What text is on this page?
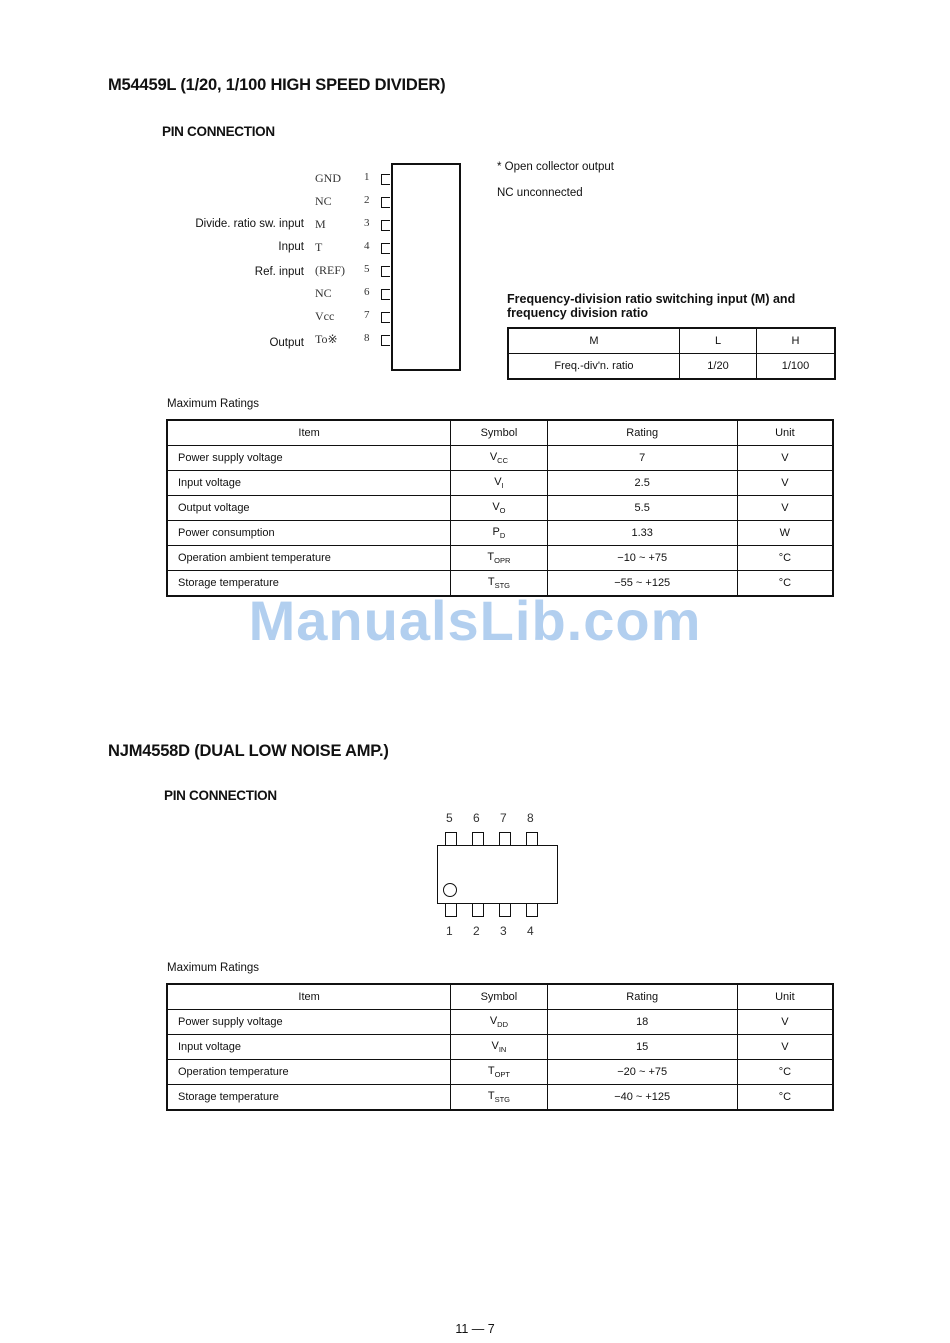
M54459L (1/20, 1/100 HIGH SPEED DIVIDER)
PIN CONNECTION
GND 1
NC	2
Divide. ratio sw. input M	3
Input T	4
Ref. input (REF) 5
NC	6
Vcc	7
Output To※ 8
* Open collector output
NC unconnected
Frequency-division ratio switching input (M) and
frequency division ratio
M	L	H
Freq.-div'n. ratio	1/20	1/100
Maximum Ratings
Item	Symbol	Rating	Unit
Power supply voltage	$V_{CC}$	7	V
Input voltage	$V_I$	2.5	V
Output voltage	$V_O$	5.5	V
Power consumption	$P_D$	1.33	W
Operation ambient temperature	$T_{OPR}$	−10 ~ +75	°C
Storage temperature	$T_{STG}$	−55 ~ +125	°C
ManualsLib.com
NJM4558D (DUAL LOW NOISE AMP.)
PIN CONNECTION
5 6 7 8
1 2 3 4
Maximum Ratings
Item	Symbol	Rating	Unit
Power supply voltage	$V_{DD}$	18	V
Input voltage	$V_{IN}$	15	V
Operation temperature	$T_{OPT}$	−20 ~ +75	°C
Storage temperature	$T_{STG}$	−40 ~ +125	°C
11 — 7
